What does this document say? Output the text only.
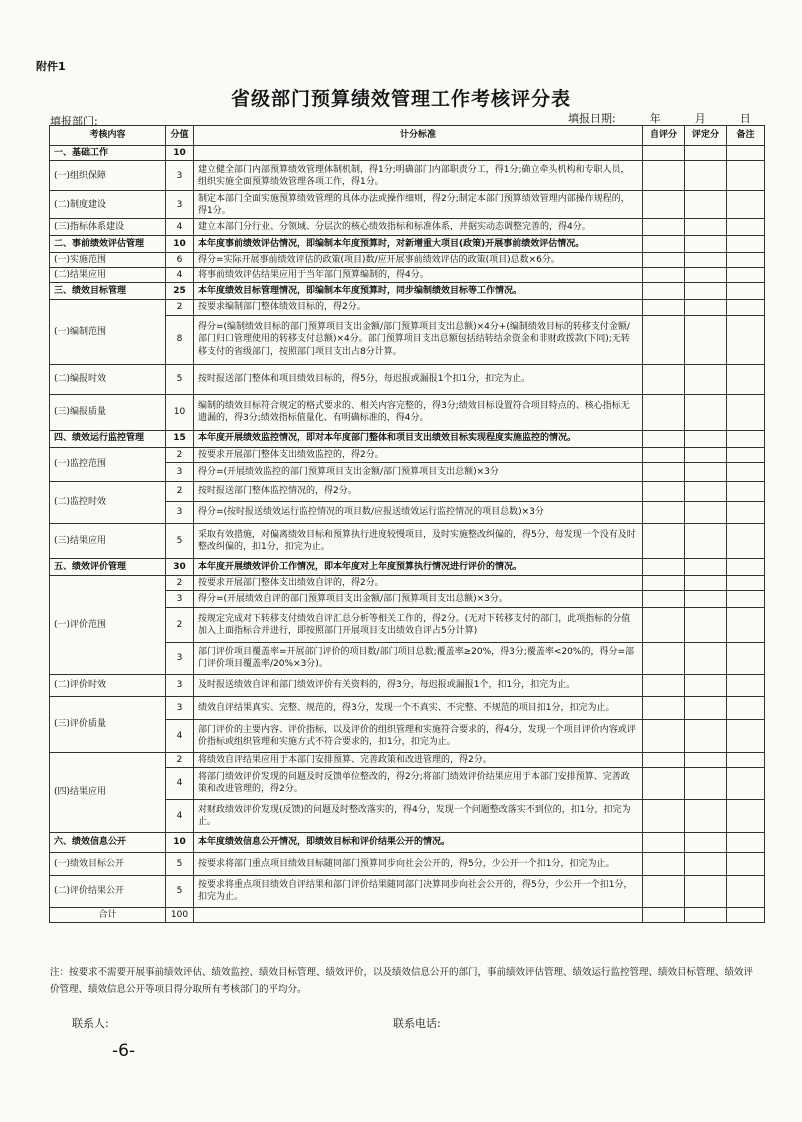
附件1
省级部门预算绩效管理工作考核评分表
填报部门:	填报日期:	年	月	日
考核内容	分值	计分标准	自评分	评定分	备注
一、基础工作	10				
(一)组织保障	3	建立健全部门内部预算绩效管理体制机制，得1分;明确部门内部职责分工，得1分;确立牵头机构和专职人员，组织实施全面预算绩效管理各项工作，得1分。			
(二)制度建设	3	制定本部门全面实施预算绩效管理的具体办法或操作细则，得2分;制定本部门预算绩效管理内部操作规程的，得1分。			
(三)指标体系建设	4	建立本部门分行业、分领域、分层次的核心绩效指标和标准体系，并据实动态调整完善的，得4分。			
二、事前绩效评估管理	10	本年度事前绩效评估情况，即编制本年度预算时，对新增重大项目(政策)开展事前绩效评估情况。			
(一)实施范围	6	得分=实际开展事前绩效评估的政策(项目)数/应开展事前绩效评估的政策(项目)总数×6分。			
(二)结果应用	4	将事前绩效评估结果应用于当年部门预算编制的，得4分。			
三、绩效目标管理	25	本年度绩效目标管理情况，即编制本年度预算时，同步编制绩效目标等工作情况。			
(一)编制范围	2	按要求编制部门整体绩效目标的，得2分。			
	8	得分=(编制绩效目标的部门预算项目支出金额/部门预算项目支出总额)×4分+(编制绩效目标的转移支付金额/部门归口管理使用的转移支付总额)×4分。部门预算项目支出总额包括结转结余资金和非财政拨款(下同);无转移支付的省级部门，按照部门项目支出占8分计算。			
(二)编报时效	5	按时报送部门整体和项目绩效目标的，得5分，每迟报或漏报1个扣1分，扣完为止。			
(三)编报质量	10	编制的绩效目标符合规定的格式要求的、相关内容完整的，得3分;绩效目标设置符合项目特点的、核心指标无遗漏的，得3分;绩效指标值量化、有明确标准的，得4分。			
四、绩效运行监控管理	15	本年度开展绩效监控情况，即对本年度部门整体和项目支出绩效目标实现程度实施监控的情况。			
(一)监控范围	2	按要求开展部门整体支出绩效监控的，得2分。			
	3	得分=(开展绩效监控的部门预算项目支出金额/部门预算项目支出总额)×3分			
(二)监控时效	2	按时报送部门整体监控情况的，得2分。			
	3	得分=(按时报送绩效运行监控情况的项目数/应报送绩效运行监控情况的项目总数)×3分			
(三)结果应用	5	采取有效措施，对偏离绩效目标和预算执行进度较慢项目，及时实施整改纠偏的，得5分，每发现一个没有及时整改纠偏的，扣1分，扣完为止。			
五、绩效评价管理	30	本年度开展绩效评价工作情况，即本年度对上年度预算执行情况进行评价的情况。			
(一)评价范围	2	按要求开展部门整体支出绩效自评的，得2分。			
	3	得分=(开展绩效自评的部门预算项目支出金额/部门预算项目支出总额)×3分。			
	2	按规定完成对下转移支付绩效自评汇总分析等相关工作的，得2分。(无对下转移支付的部门，此项指标的分值加入上面指标合并进行，即按照部门开展项目支出绩效自评占5分计算)			
	3	部门评价项目覆盖率=开展部门评价的项目数/部门项目总数;覆盖率≥20%，得3分;覆盖率<20%的，得分=部门评价项目覆盖率/20%×3分)。			
(二)评价时效	3	及时报送绩效自评和部门绩效评价有关资料的，得3分，每迟报或漏报1个，扣1分，扣完为止。			
(三)评价质量	3	绩效自评结果真实、完整、规范的，得3分，发现一个不真实、不完整、不规范的项目扣1分，扣完为止。			
	4	部门评价的主要内容、评价指标，以及评价的组织管理和实施符合要求的，得4分，发现一个项目评价内容或评价指标或组织管理和实施方式不符合要求的，扣1分，扣完为止。			
(四)结果应用	2	将绩效自评结果应用于本部门安排预算、完善政策和改进管理的，得2分。			
	4	将部门绩效评价发现的问题及时反馈单位整改的，得2分;将部门绩效评价结果应用于本部门安排预算、完善政策和改进管理的，得2分。			
	4	对财政绩效评价发现(反馈)的问题及时整改落实的，得4分，发现一个问题整改落实不到位的，扣1分，扣完为止。			
六、绩效信息公开	10	本年度绩效信息公开情况，即绩效目标和评价结果公开的情况。			
(一)绩效目标公开	5	按要求将部门重点项目绩效目标随同部门预算同步向社会公开的，得5分，少公开一个扣1分，扣完为止。			
(二)评价结果公开	5	按要求将重点项目绩效自评结果和部门评价结果随同部门决算同步向社会公开的，得5分，少公开一个扣1分，扣完为止。			
合计	100				
注：按要求不需要开展事前绩效评估、绩效监控、绩效目标管理、绩效评价，以及绩效信息公开的部门，事前绩效评估管理、绩效运行监控管理、绩效目标管理、绩效评价管理、绩效信息公开等项目得分取所有考核部门的平均分。
联系人:	联系电话:
-6-
